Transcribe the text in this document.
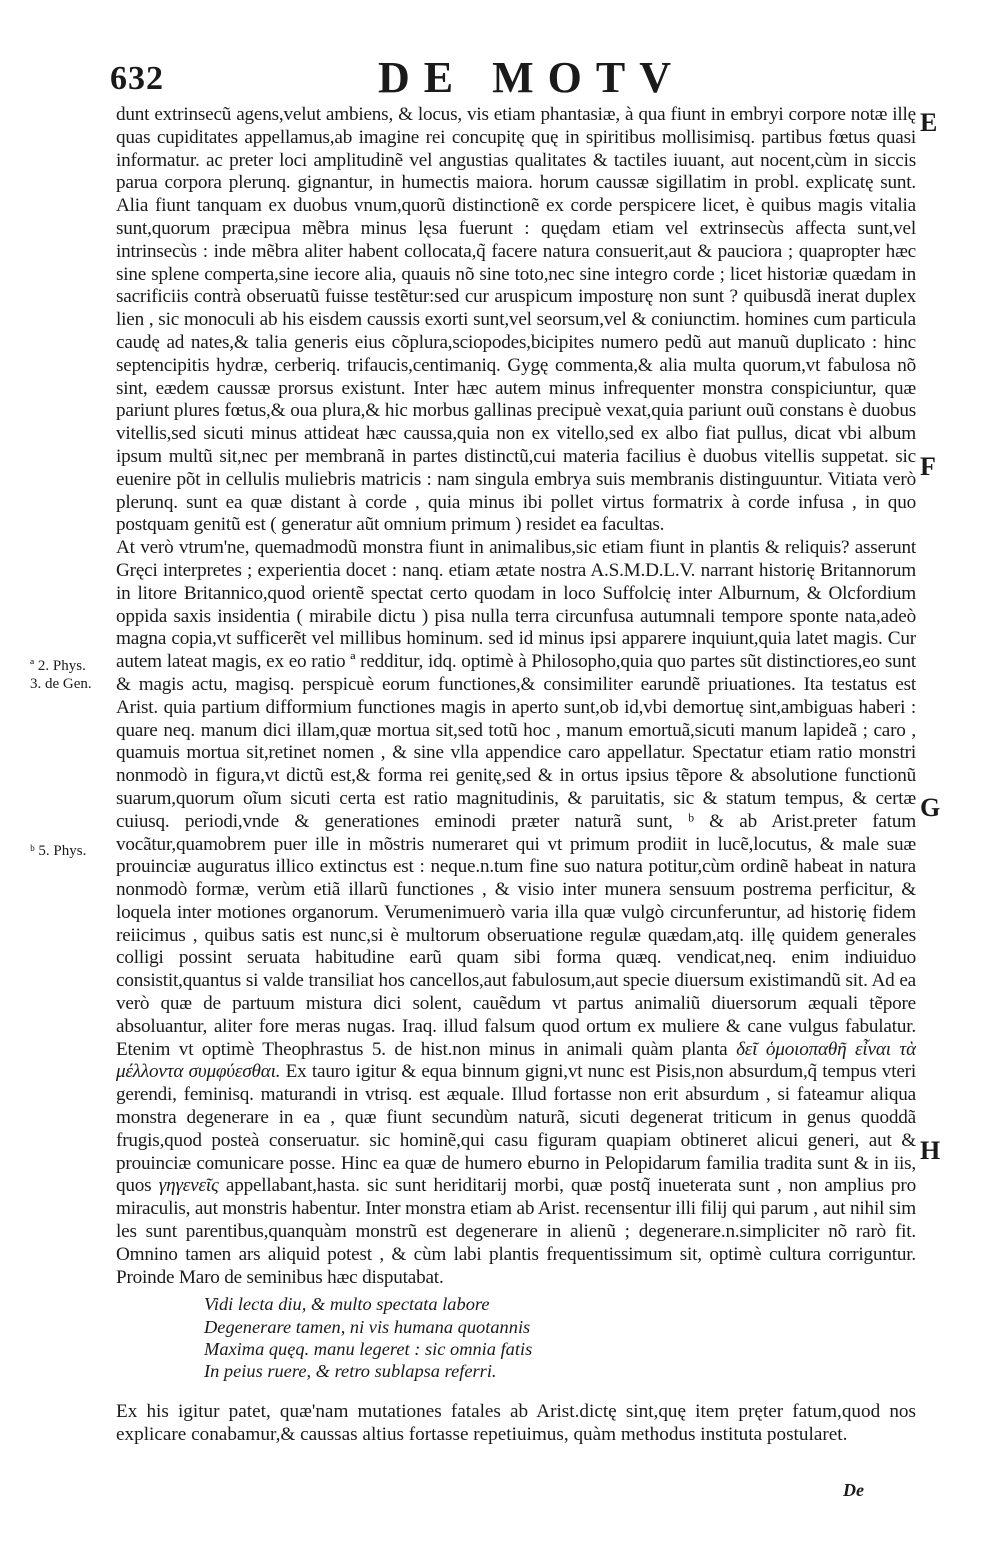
632	DE MOTV
ª 2. Phys.
3. de Gen.
ᵇ 5. Phys.
E
F
G
H

dunt extrinsecũ agens,velut ambiens, & locus, vis etiam phantasiæ, à qua fiunt in embryi corpore notæ illę quas cupiditates appellamus,ab imagine rei concupitę quę in spiritibus mollisimisq. partibus fœtus quasi informatur. ac preter loci amplitudinẽ vel angustias qualitates & tactiles iuuant, aut nocent,cùm in siccis parua corpora plerunq. gignantur, in humectis maiora. horum caussæ sigillatim in probl. explicatę sunt. Alia fiunt tanquam ex duobus vnum,quorũ distinctionẽ ex corde perspicere licet, è quibus magis vitalia sunt,quorum præcipua mẽbra minus lęsa fuerunt : quędam etiam vel extrinsecùs affecta sunt,vel intrinsecùs : inde mẽbra aliter habent collocata,q̃ facere natura consuerit,aut & pauciora ; quapropter hæc sine splene comperta,sine iecore alia, quauis nõ sine toto,nec sine integro corde ; licet historiæ quædam in sacrificiis contrà obseruatũ fuisse testẽtur:sed cur aruspicum imposturę non sunt ? quibusdã inerat duplex lien , sic monoculi ab his eisdem caussis exorti sunt,vel seorsum,vel & coniunctim. homines cum particula caudę ad nates,& talia generis eius cõplura,sciopodes,bicipites numero pedũ aut manuũ duplicato : hinc septencipitis hydræ, cerberiq. trifaucis,centimaniq. Gygę commenta,& alia multa quorum,vt fabulosa nõ sint, eædem caussæ prorsus existunt. Inter hæc autem minus infrequenter monstra conspiciuntur, quæ pariunt plures fœtus,& oua plura,& hic morbus gallinas precipuè vexat,quia pariunt ouũ constans è duobus vitellis,sed sicuti minus attideat hæc caussa,quia non ex vitello,sed ex albo fiat pullus, dicat vbi album ipsum multũ sit,nec per membranã in partes distinctũ,cui materia facilius è duobus vitellis suppetat. sic euenire põt in cellulis muliebris matricis : nam singula embrya suis membranis distinguuntur. Vitiata verò plerunq. sunt ea quæ distant à corde , quia minus ibi pollet virtus formatrix à corde infusa , in quo postquam genitũ est ( generatur aũt omnium primum ) residet ea facultas.

At verò vtrum'ne, quemadmodũ monstra fiunt in animalibus,sic etiam fiunt in plantis & reliquis? asserunt Gręci interpretes ; experientia docet : nanq. etiam ætate nostra A.S.M.D.L.V. narrant historię Britannorum in litore Britannico,quod orientẽ spectat certo quodam in loco Suffolcię inter Alburnum, & Olcfordium oppida saxis insidentia ( mirabile dictu ) pisa nulla terra circunfusa autumnali tempore sponte nata,adeò magna copia,vt sufficerẽt vel millibus hominum. sed id minus ipsi apparere inquiunt,quia latet magis. Cur autem lateat magis, ex eo ratio ª redditur, idq. optimè à Philosopho,quia quo partes sũt distinctiores,eo sunt & magis actu, magisq. perspicuè eorum functiones,& consimiliter earundẽ priuationes. Ita testatus est Arist. quia partium difformium functiones magis in aperto sunt,ob id,vbi demortuę sint,ambiguas haberi : quare neq. manum dici illam,quæ mortua sit,sed totũ hoc , manum emortuã,sicuti manum lapideã ; caro , quamuis mortua sit,retinet nomen , & sine vlla appendice caro appellatur. Spectatur etiam ratio monstri nonmodò in figura,vt dictũ est,& forma rei genitę,sed & in ortus ipsius tẽpore & absolutione functionũ suarum,quorum oĩum sicuti certa est ratio magnitudinis, & paruitatis, sic & statum tempus, & certæ cuiusq. periodi,vnde & generationes eminodi præter naturã sunt, ᵇ & ab Arist.preter fatum vocãtur,quamobrem puer ille in mõstris numeraret qui vt primum prodiit in lucẽ,locutus, & male suæ prouinciæ auguratus illico extinctus est : neque.n.tum fine suo natura potitur,cùm ordinẽ habeat in natura nonmodò formæ, verùm etiã illarũ functiones , & visio inter munera sensuum postrema perficitur, & loquela inter motiones organorum. Verumenimuerò varia illa quæ vulgò circunferuntur, ad historię fidem reiicimus , quibus satis est nunc,si è multorum obseruatione regulæ quædam,atq. illę quidem generales colligi possint seruata habitudine earũ quam sibi forma quæq. vendicat,neq. enim indiuiduo consistit,quantus si valde transiliat hos cancellos,aut fabulosum,aut specie diuersum existimandũ sit. Ad ea verò quæ de partuum mistura dici solent, cauẽdum vt partus animaliũ diuersorum æquali tẽpore absoluantur, aliter fore meras nugas. Iraq. illud falsum quod ortum ex muliere & cane vulgus fabulatur. Etenim vt optimè Theophrastus 5. de hist.non minus in animali quàm planta δεῖ ὁμοιοπαθῆ εἶναι τὰ μέλλοντα συμφύεσθαι. Ex tauro igitur & equa binnum gigni,vt nunc est Pisis,non absurdum,q̃ tempus vteri gerendi, feminisq. maturandi in vtrisq. est æquale. Illud fortasse non erit absurdum , si fateamur aliqua monstra degenerare in ea , quæ fiunt secundùm naturã, sicuti degenerat triticum in genus quoddã frugis,quod posteà conseruatur. sic hominẽ,qui casu figuram quapiam obtineret alicui generi, aut & prouinciæ comunicare posse. Hinc ea quæ de humero eburno in Pelopidarum familia tradita sunt & in iis, quos γηγενεῖς appellabant,hasta. sic sunt heriditarij morbi, quæ postq̃ inueterata sunt , non amplius pro miraculis, aut monstris habentur. Inter monstra etiam ab Arist. recensentur illi filij qui parum , aut nihil sim les sunt parentibus,quanquàm monstrũ est degenerare in alienũ ; degenerare.n.simpliciter nõ rarò fit. Omnino tamen ars aliquid potest , & cùm labi plantis frequentissimum sit, optimè cultura corriguntur. Proinde Maro de seminibus hæc disputabat.

Vidi lecta diu, & multo spectata labore
Degenerare tamen, ni vis humana quotannis
Maxima quęq. manu legeret : sic omnia fatis
In peius ruere, & retro sublapsa referri.

Ex his igitur patet, quæ'nam mutationes fatales ab Arist.dictę sint,quę item pręter fatum,quod nos explicare conabamur,& caussas altius fortasse repetiuimus, quàm methodus instituta postularet.

De
